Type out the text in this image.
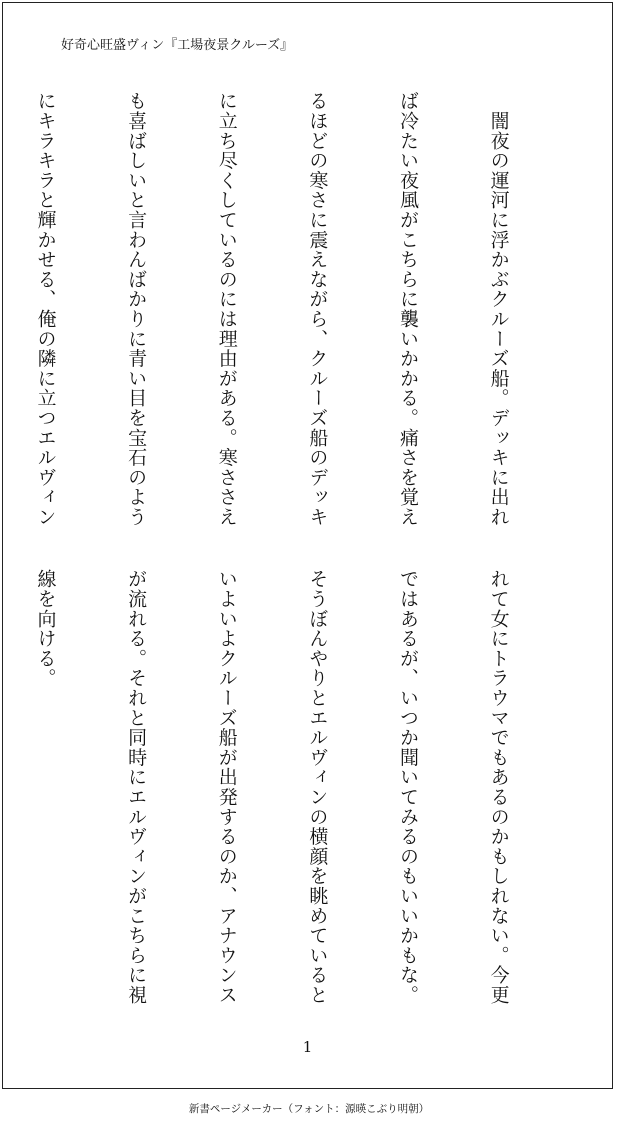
好奇心旺盛ヴィン『工場夜景クルーズ』

　闇夜の運河に浮かぶクルーズ船。デッキに出れ

ば冷たい夜風がこちらに襲いかかる。痛さを覚え

るほどの寒さに震えながら、クルーズ船のデッキ

に立ち尽くしているのには理由がある。寒ささえ

も喜ばしいと言わんばかりに青い目を宝石のよう

にキラキラと輝かせる、俺の隣に立つエルヴィン

れて女にトラウマでもあるのかもしれない。今更

ではあるが、いつか聞いてみるのもいいかもな。

そうぼんやりとエルヴィンの横顔を眺めていると

いよいよクルーズ船が出発するのか、アナウンス

が流れる。それと同時にエルヴィンがこちらに視

線を向ける。

1
新書ページメーカー（フォント：源暎こぶり明朝）
